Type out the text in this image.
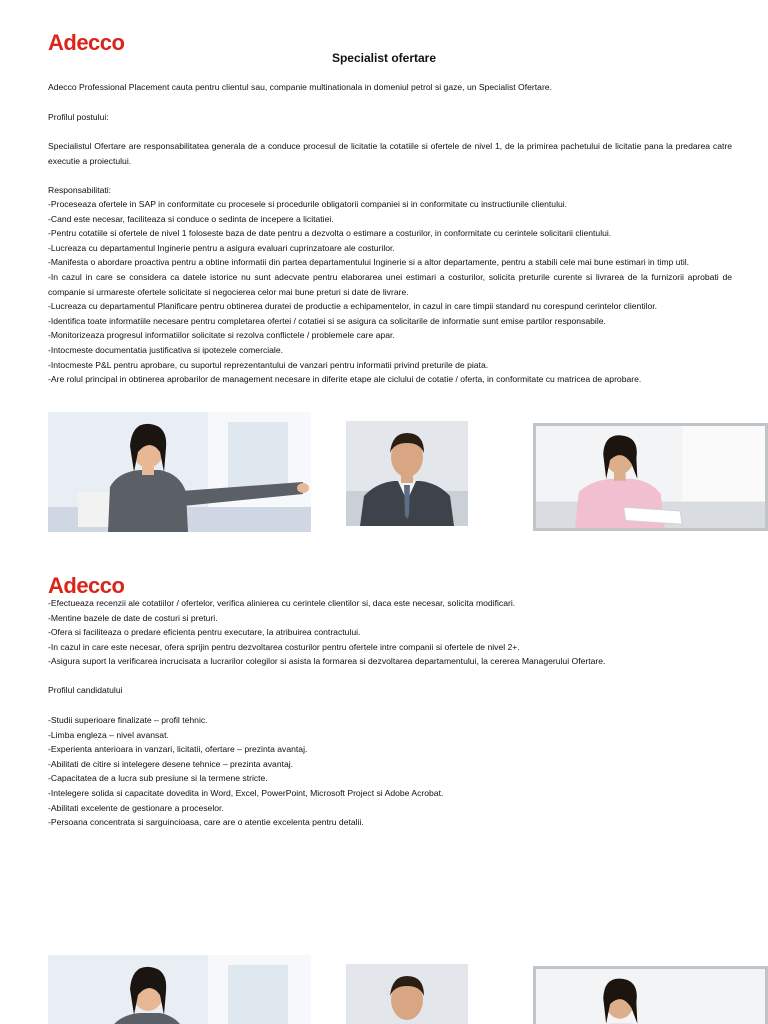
Adecco
Specialist ofertare

Adecco Professional Placement cauta pentru clientul sau, companie multinationala in domeniul petrol si gaze, un Specialist Ofertare.

Profilul postului:

Specialistul Ofertare are responsabilitatea generala de a conduce procesul de licitatie la cotatiile si ofertele de nivel 1, de la primirea pachetului de licitatie pana la predarea catre executie a proiectului.

Responsabilitati:

-Proceseaza ofertele in SAP in conformitate cu procesele si procedurile obligatorii companiei si in conformitate cu instructiunile clientului.

-Cand este necesar, faciliteaza si conduce o sedinta de incepere a licitatiei.

-Pentru cotatiile si ofertele de nivel 1 foloseste baza de date pentru a dezvolta o estimare a costurilor, in conformitate cu cerintele solicitarii clientului.

-Lucreaza cu departamentul Inginerie pentru a asigura evaluari cuprinzatoare ale costurilor.

-Manifesta o abordare proactiva pentru a obtine informatii din partea departamentului Inginerie si a altor departamente, pentru a stabili cele mai bune estimari in timp util.

-In cazul in care se considera ca datele istorice nu sunt adecvate pentru elaborarea unei estimari a costurilor, solicita preturile curente si livrarea de la furnizorii aprobati de companie si urmareste ofertele solicitate si negocierea celor mai bune preturi si date de livrare.

-Lucreaza cu departamentul Planificare pentru obtinerea duratei de productie a echipamentelor, in cazul in care timpii standard nu corespund cerintelor clientilor.

-Identifica toate informatiile necesare pentru completarea ofertei / cotatiei si se asigura ca solicitarile de informatie sunt emise partilor responsabile.

-Monitorizeaza progresul informatiilor solicitate si rezolva conflictele / problemele care apar.

-Intocmeste documentatia justificativa si ipotezele comerciale.

-Intocmeste P&L pentru aprobare, cu suportul reprezentantului de vanzari pentru informatii privind preturile de piata.

-Are rolul principal in obtinerea aprobarilor de management necesare in diferite etape ale ciclului de cotatie / oferta, in conformitate cu matricea de aprobare.

Adecco

-Efectueaza recenzii ale cotatiilor / ofertelor, verifica alinierea cu cerintele clientilor si, daca este necesar, solicita modificari.

-Mentine bazele de date de costuri si preturi.

-Ofera si faciliteaza o predare eficienta pentru executare, la atribuirea contractului.

-In cazul in care este necesar, ofera sprijin pentru dezvoltarea costurilor pentru ofertele intre companii si ofertele de nivel 2+.

-Asigura suport la verificarea incrucisata a lucrarilor colegilor si asista la formarea si dezvoltarea departamentului, la cererea Managerului Ofertare.

Profilul candidatului

-Studii superioare finalizate – profil tehnic.

-Limba engleza – nivel avansat.

-Experienta anterioara in vanzari, licitatii, ofertare – prezinta avantaj.

-Abilitati de citire si intelegere desene tehnice – prezinta avantaj.

-Capacitatea de a lucra sub presiune si la termene stricte.

-Intelegere solida si capacitate dovedita in Word, Excel, PowerPoint, Microsoft Project si Adobe Acrobat.

-Abilitati excelente de gestionare a proceselor.

-Persoana concentrata si sarguincioasa, care are o atentie excelenta pentru detalii.
